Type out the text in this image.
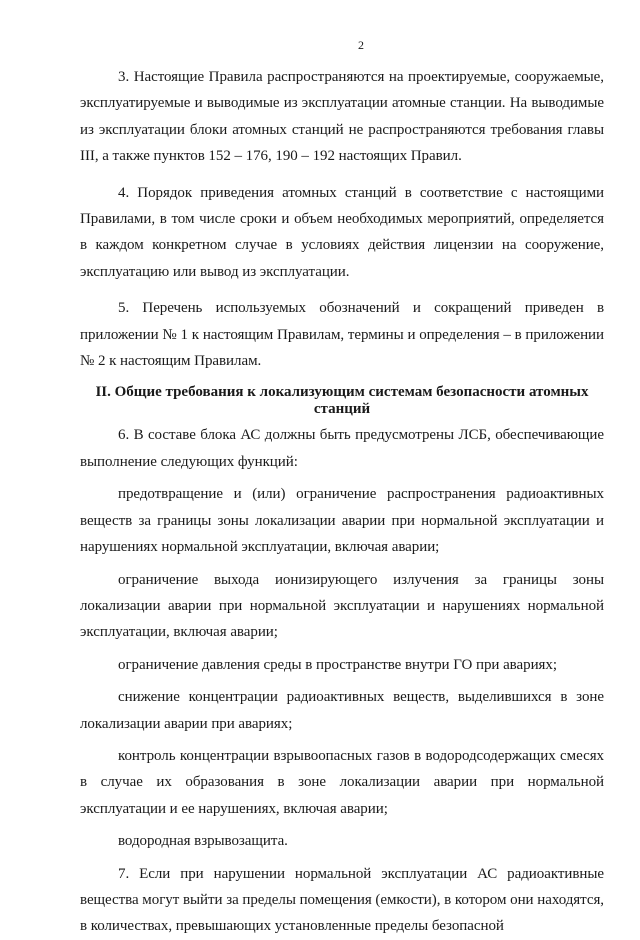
2

3. Настоящие Правила распространяются на проектируемые, сооружаемые, эксплуатируемые и выводимые из эксплуатации атомные станции. На выводимые из эксплуатации блоки атомных станций не распространяются требования главы III, а также пунктов 152 – 176, 190 – 192 настоящих Правил.

4. Порядок приведения атомных станций в соответствие с настоящими Правилами, в том числе сроки и объем необходимых мероприятий, определяется в каждом конкретном случае в условиях действия лицензии на сооружение, эксплуатацию или вывод из эксплуатации.

5. Перечень используемых обозначений и сокращений приведен в приложении № 1 к настоящим Правилам, термины и определения – в приложении № 2 к настоящим Правилам.

II. Общие требования к локализующим системам безопасности атомных станций

6. В составе блока АС должны быть предусмотрены ЛСБ, обеспечивающие выполнение следующих функций:

предотвращение и (или) ограничение распространения радиоактивных веществ за границы зоны локализации аварии при нормальной эксплуатации и нарушениях нормальной эксплуатации, включая аварии;

ограничение выхода ионизирующего излучения за границы зоны локализации аварии при нормальной эксплуатации и нарушениях нормальной эксплуатации, включая аварии;

ограничение давления среды в пространстве внутри ГО при авариях;

снижение концентрации радиоактивных веществ, выделившихся в зоне локализации аварии при авариях;

контроль концентрации взрывоопасных газов в водородсодержащих смесях в случае их образования в зоне локализации аварии при нормальной эксплуатации и ее нарушениях, включая аварии;

водородная взрывозащита.

7. Если при нарушении нормальной эксплуатации АС радиоактивные вещества могут выйти за пределы помещения (емкости), в котором они находятся, в количествах, превышающих установленные пределы безопасной
